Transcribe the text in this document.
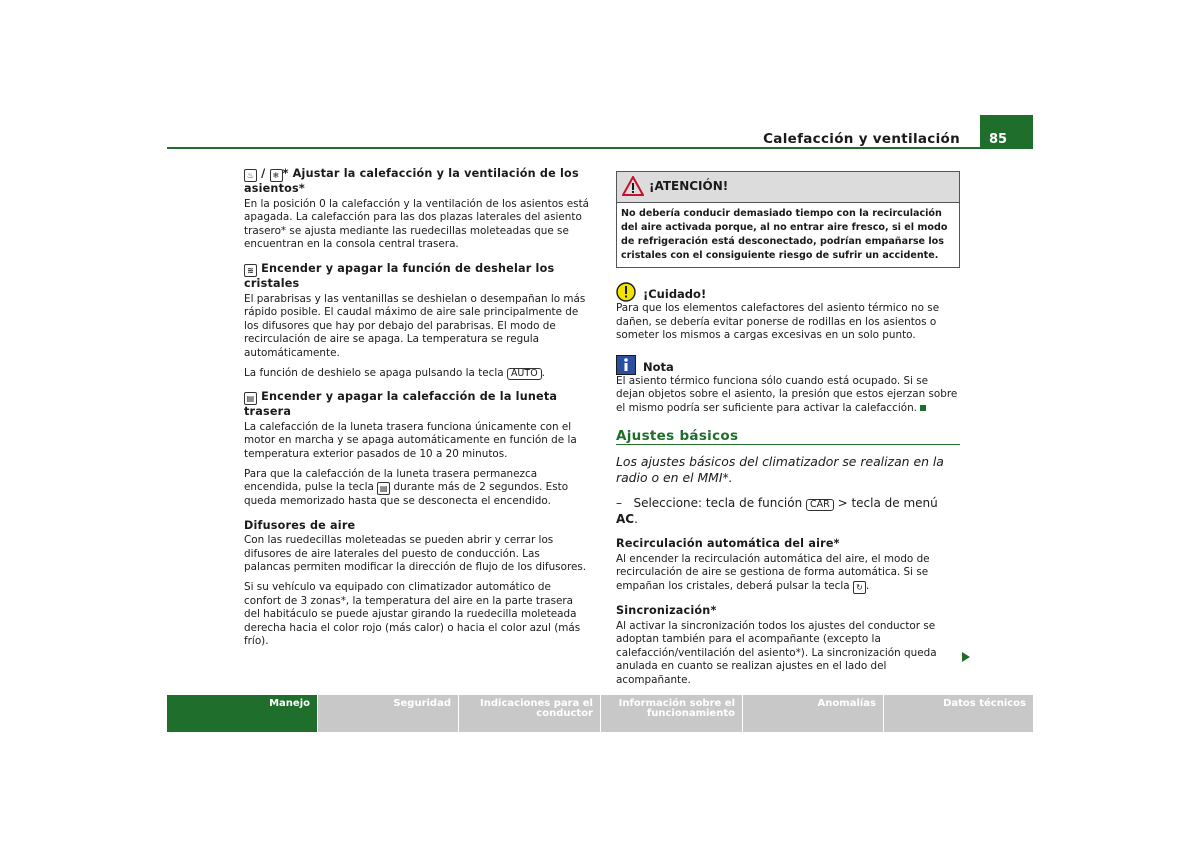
Calefacción y ventilación 85
♨ / ❄ * Ajustar la calefacción y la ventilación de los asientos*

En la posición 0 la calefacción y la ventilación de los asientos está apagada. La calefacción para las dos plazas laterales del asiento trasero* se ajusta mediante las ruedecillas moleteadas que se encuentran en la consola central trasera.

≋ Encender y apagar la función de deshelar los cristales

El parabrisas y las ventanillas se deshielan o desempañan lo más rápido posible. El caudal máximo de aire sale principalmente de los difusores que hay por debajo del parabrisas. El modo de recirculación de aire se apaga. La temperatura se regula automáticamente.

La función de deshielo se apaga pulsando la tecla AUTO .

▤ Encender y apagar la calefacción de la luneta trasera

La calefacción de la luneta trasera funciona únicamente con el motor en marcha y se apaga automáticamente en función de la temperatura exterior pasados de 10 a 20 minutos.

Para que la calefacción de la luneta trasera permanezca encendida, pulse la tecla ▤ durante más de 2 segundos. Esto queda memorizado hasta que se desconecta el encendido.

Difusores de aire

Con las ruedecillas moleteadas se pueden abrir y cerrar los difusores de aire laterales del puesto de conducción. Las palancas permiten modificar la dirección de flujo de los difusores.

Si su vehículo va equipado con climatizador automático de confort de 3 zonas*, la temperatura del aire en la parte trasera del habitáculo se puede ajustar girando la ruedecilla moleteada derecha hacia el color rojo (más calor) o hacia el color azul (más frío).

¡ATENCIÓN!
No debería conducir demasiado tiempo con la recirculación del aire activada porque, al no entrar aire fresco, si el modo de refrigeración está desconectado, podrían empañarse los cristales con el consiguiente riesgo de sufrir un accidente.
¡Cuidado!

Para que los elementos calefactores del asiento térmico no se dañen, se debería evitar ponerse de rodillas en los asientos o someter los mismos a cargas excesivas en un solo punto.

Nota

El asiento térmico funciona sólo cuando está ocupado. Si se dejan objetos sobre el asiento, la presión que estos ejerzan sobre el mismo podría ser suficiente para activar la calefacción.

Ajustes básicos
Los ajustes básicos del climatizador se realizan en la radio o en el MMI*.
– Seleccione: tecla de función CAR > tecla de menú AC.
Recirculación automática del aire*

Al encender la recirculación automática del aire, el modo de recirculación de aire se gestiona de forma automática. Si se empañan los cristales, deberá pulsar la tecla ↻ .

Sincronización*

Al activar la sincronización todos los ajustes del conductor se adoptan también para el acompañante (excepto la calefacción/ventilación del asiento*). La sincronización queda anulada en cuanto se realizan ajustes en el lado del acompañante.

Manejo	Seguridad	Indicaciones para el conductor
Información sobre el funcionamiento
Anomalías	Datos técnicos
